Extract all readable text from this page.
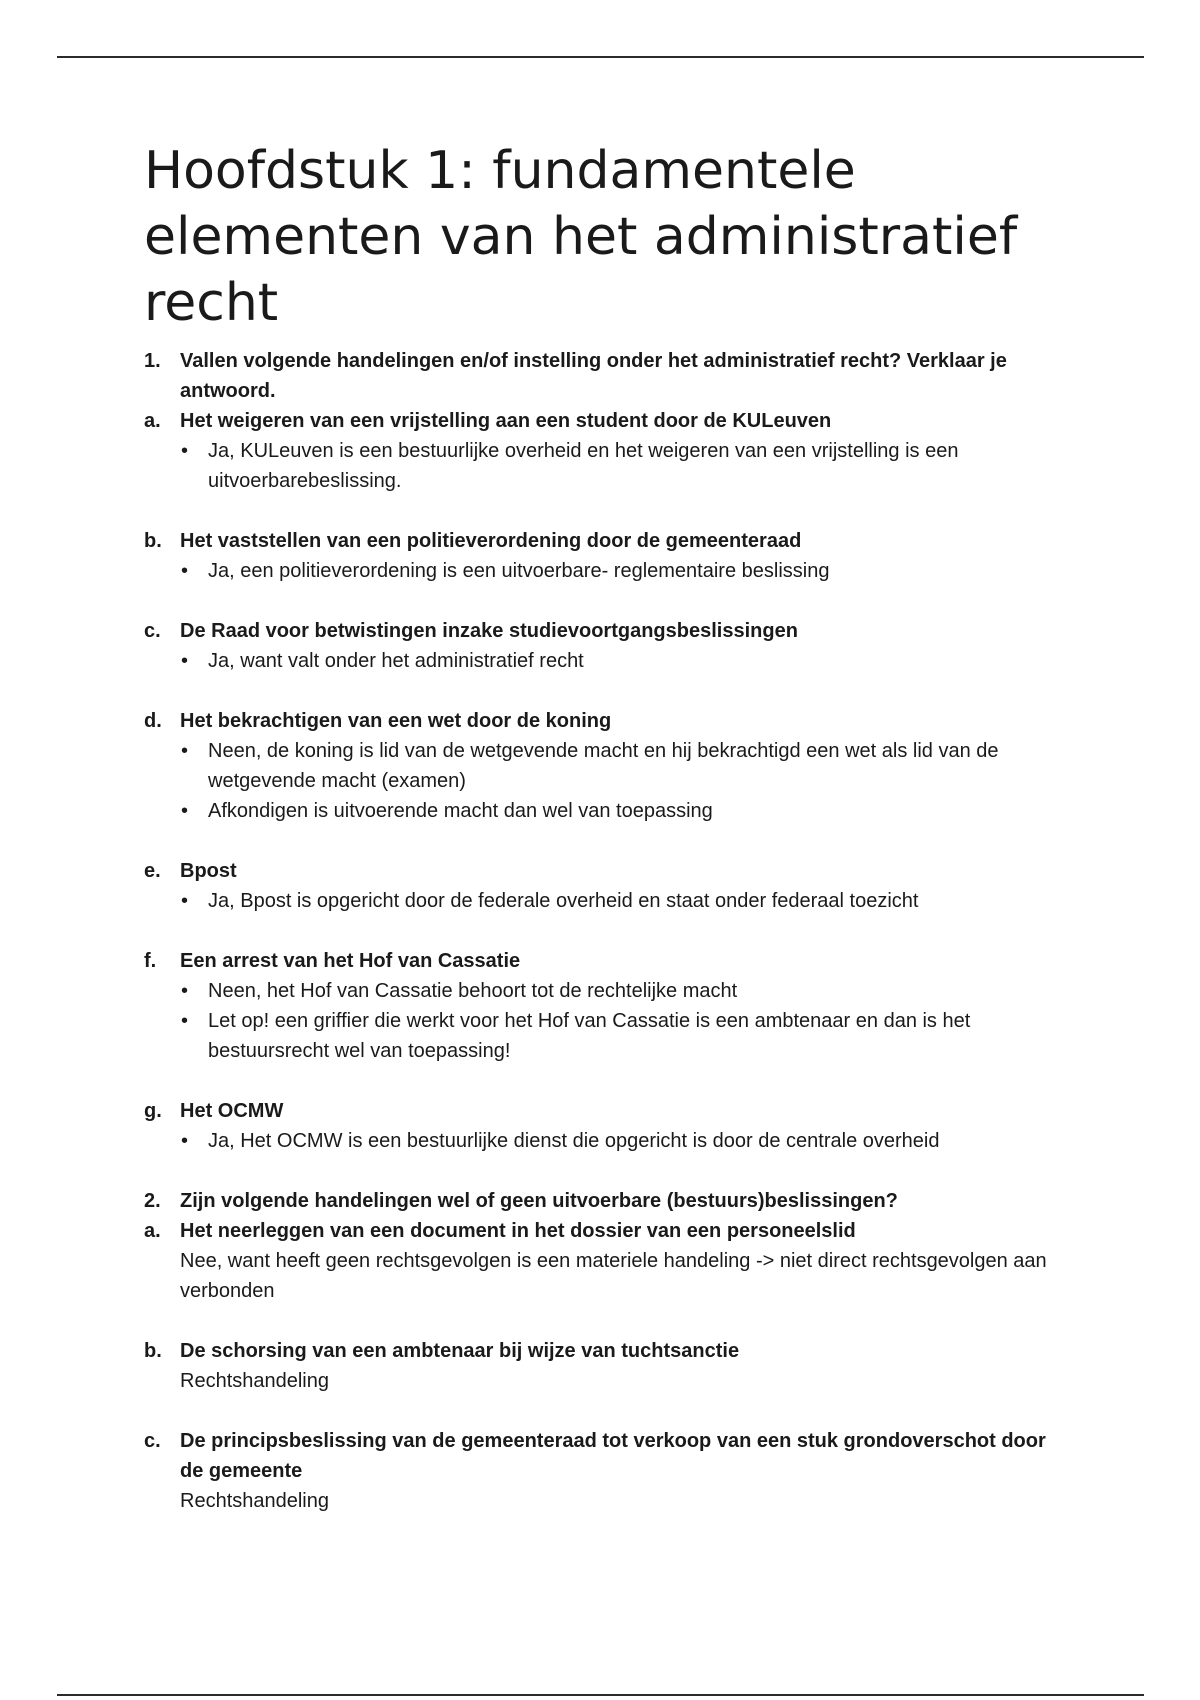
Hoofdstuk 1: fundamentele elementen van het administratief recht
1. Vallen volgende handelingen en/of instelling onder het administratief recht? Verklaar je antwoord.
a. Het weigeren van een vrijstelling aan een student door de KULeuven
• Ja, KULeuven is een bestuurlijke overheid en het weigeren van een vrijstelling is een uitvoerbarebeslissing.
b. Het vaststellen van een politieverordening door de gemeenteraad
• Ja, een politieverordening is een uitvoerbare- reglementaire beslissing
c. De Raad voor betwistingen inzake studievoortgangsbeslissingen
• Ja, want valt onder het administratief recht
d. Het bekrachtigen van een wet door de koning
• Neen, de koning is lid van de wetgevende macht en hij bekrachtigd een wet als lid van de wetgevende macht (examen)
• Afkondigen is uitvoerende macht dan wel van toepassing
e. Bpost
• Ja, Bpost is opgericht door de federale overheid en staat onder federaal toezicht
f. Een arrest van het Hof van Cassatie
• Neen, het Hof van Cassatie behoort tot de rechtelijke macht
• Let op! een griffier die werkt voor het Hof van Cassatie is een ambtenaar en dan is het bestuursrecht wel van toepassing!
g. Het OCMW
• Ja, Het OCMW is een bestuurlijke dienst die opgericht is door de centrale overheid
2. Zijn volgende handelingen wel of geen uitvoerbare (bestuurs)beslissingen?
a. Het neerleggen van een document in het dossier van een personeelslid
Nee, want heeft geen rechtsgevolgen is een materiele handeling -> niet direct rechtsgevolgen aan verbonden
b. De schorsing van een ambtenaar bij wijze van tuchtsanctie
Rechtshandeling
c. De principsbeslissing van de gemeenteraad tot verkoop van een stuk grondoverschot door de gemeente
Rechtshandeling
